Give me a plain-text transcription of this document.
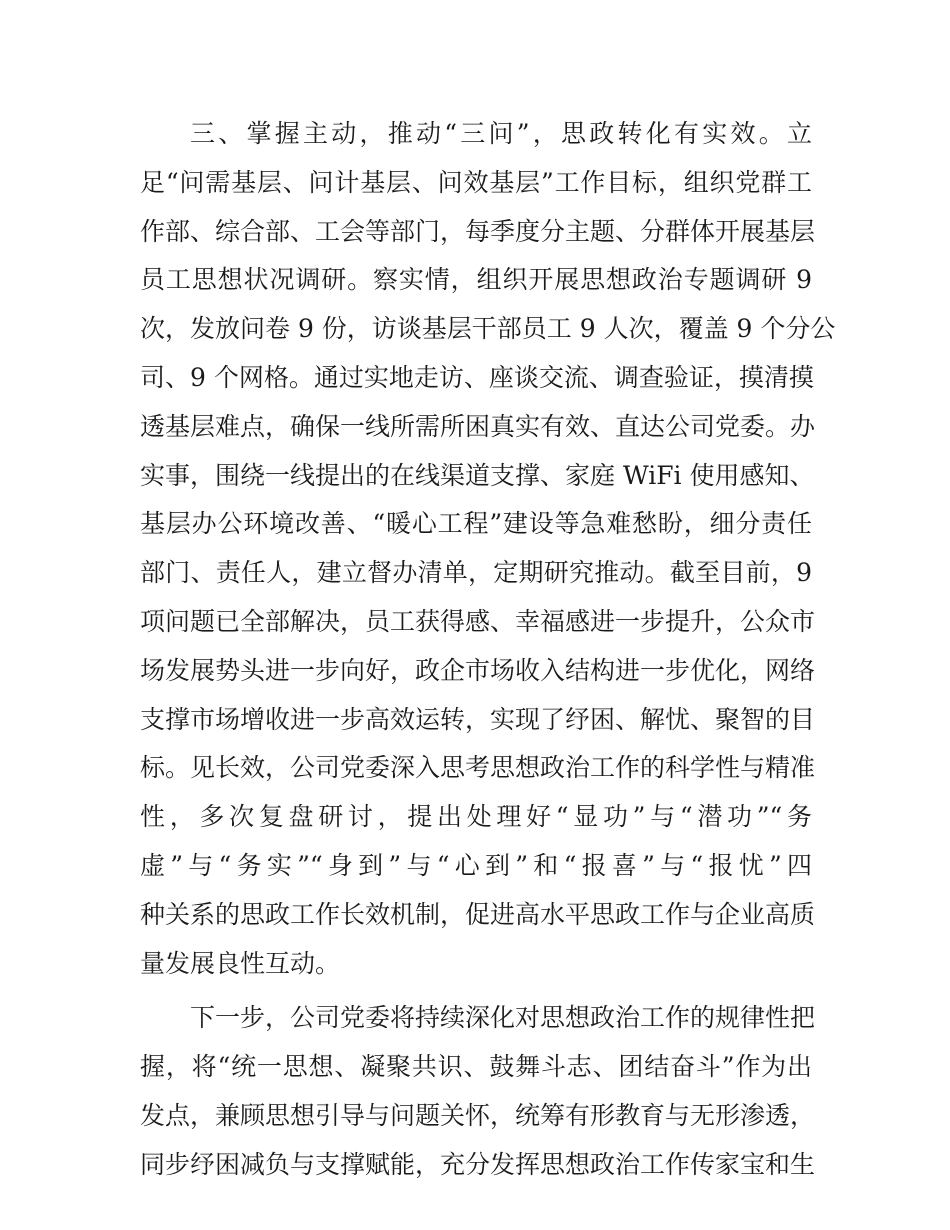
三、掌握主动，推动“三问”，思政转化有实效。立
足“问需基层、问计基层、问效基层”工作目标，组织党群工
作部、综合部、工会等部门，每季度分主题、分群体开展基层
员工思想状况调研。察实情，组织开展思想政治专题调研 9
次，发放问卷 9 份，访谈基层干部员工 9 人次，覆盖 9 个分公
司、9 个网格。通过实地走访、座谈交流、调查验证，摸清摸
透基层难点，确保一线所需所困真实有效、直达公司党委。办
实事，围绕一线提出的在线渠道支撑、家庭 WiFi 使用感知、
基层办公环境改善、“暖心工程”建设等急难愁盼，细分责任
部门、责任人，建立督办清单，定期研究推动。截至目前，9
项问题已全部解决，员工获得感、幸福感进一步提升，公众市
场发展势头进一步向好，政企市场收入结构进一步优化，网络
支撑市场增收进一步高效运转，实现了纾困、解忧、聚智的目
标。见长效，公司党委深入思考思想政治工作的科学性与精准
性，多次复盘研讨，提出处理好“显功”与“潜功”“务
虚”与“务实”“身到”与“心到”和“报喜”与“报忧”四
种关系的思政工作长效机制，促进高水平思政工作与企业高质
量发展良性互动。
下一步，公司党委将持续深化对思想政治工作的规律性把
握，将“统一思想、凝聚共识、鼓舞斗志、团结奋斗”作为出
发点，兼顾思想引导与问题关怀，统筹有形教育与无形渗透，
同步纾困减负与支撑赋能，充分发挥思想政治工作传家宝和生
